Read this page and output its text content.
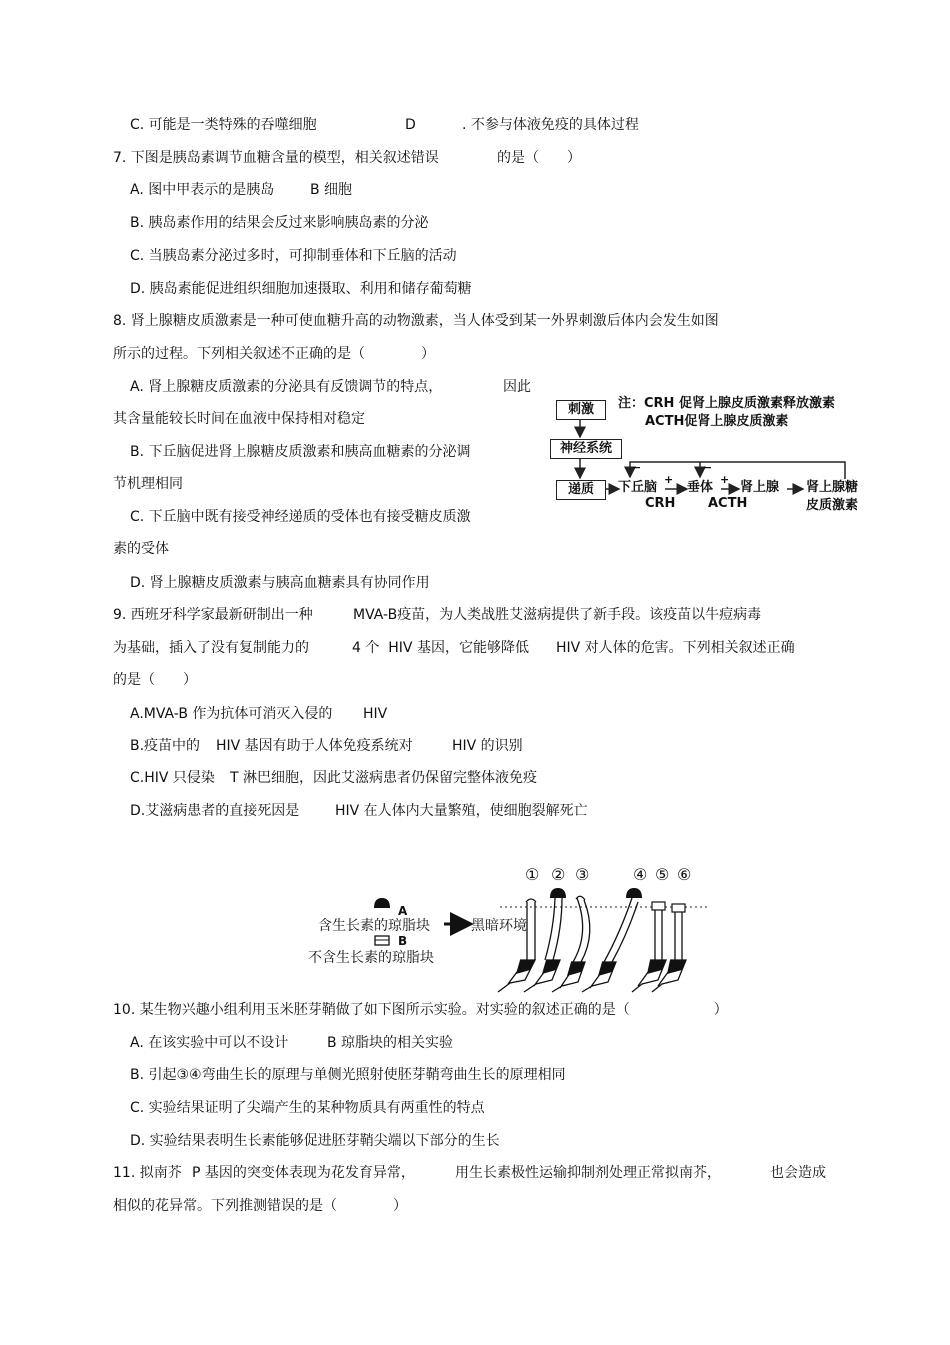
C. 可能是一类特殊的吞噬细胞	D	. 不参与体液免疫的具体过程
7. 下图是胰岛素调节血糖含量的模型，相关叙述错误	的是（　　）
A. 图中甲表示的是胰岛	B 细胞
B. 胰岛素作用的结果会反过来影响胰岛素的分泌
C. 当胰岛素分泌过多时，可抑制垂体和下丘脑的活动
D. 胰岛素能促进组织细胞加速摄取、利用和储存葡萄糖
8. 肾上腺糖皮质激素是一种可使血糖升高的动物激素，当人体受到某一外界刺激后体内会发生如图
所示的过程。下列相关叙述不正确的是（　　　　）
A. 肾上腺糖皮质激素的分泌具有反馈调节的特点，	因此
其含量能较长时间在血液中保持相对稳定
B. 下丘脑促进肾上腺糖皮质激素和胰高血糖素的分泌调
节机理相同
C. 下丘脑中既有接受神经递质的受体也有接受糖皮质激
素的受体
D. 肾上腺糖皮质激素与胰高血糖素具有协同作用
注：CRH 促肾上腺皮质激素释放激素
ACTH促肾上腺皮质激素
刺激
神经系统
递质	下丘脑 垂体 肾上腺 肾上腺糖
皮质激素
CRH	ACTH
+	+
−	−
9. 西班牙科学家最新研制出一种	MVA-B疫苗，为人类战胜艾滋病提供了新手段。该疫苗以牛痘病毒
为基础，插入了没有复制能力的	4 个  HIV 基因，它能够降低 HIV 对人体的危害。下列相关叙述正确
的是（　　）
A.MVA-B 作为抗体可消灭入侵的 HIV
B.疫苗中的 HIV 基因有助于人体免疫系统对	HIV 的识别
C.HIV 只侵染 T 淋巴细胞，因此艾滋病患者仍保留完整体液免疫
D.艾滋病患者的直接死因是	HIV 在人体内大量繁殖，使细胞裂解死亡
A
含生长素的琼脂块	黑暗环境
B
不含生长素的琼脂块
① ② ③	④ ⑤ ⑥
10. 某生物兴趣小组利用玉米胚芽鞘做了如下图所示实验。对实验的叙述正确的是（　　　　　　）
A. 在该实验中可以不设计	B 琼脂块的相关实验
B. 引起③④弯曲生长的原理与单侧光照射使胚芽鞘弯曲生长的原理相同
C. 实验结果证明了尖端产生的某种物质具有两重性的特点
D. 实验结果表明生长素能够促进胚芽鞘尖端以下部分的生长
11. 拟南芥 P 基因的突变体表现为花发育异常，	用生长素极性运输抑制剂处理正常拟南芥，	也会造成
相似的花异常。下列推测错误的是（　　　　）
